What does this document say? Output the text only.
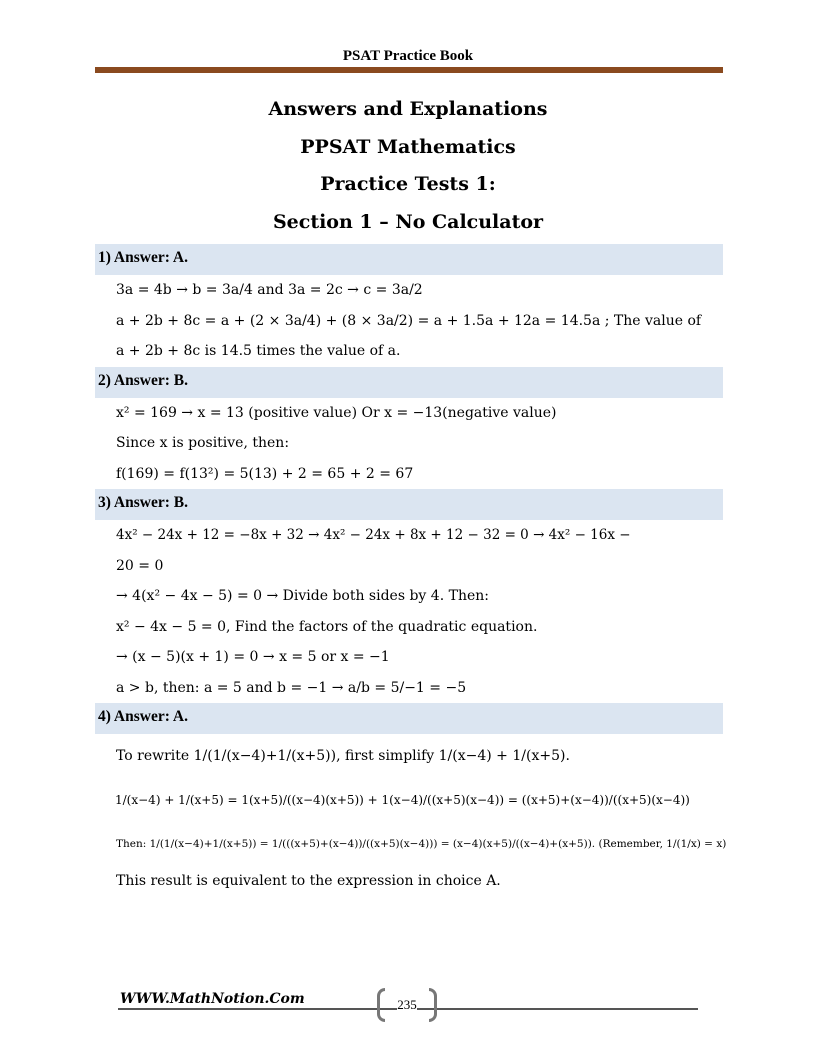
PSAT Practice Book
Answers and Explanations
PPSAT Mathematics
Practice Tests 1:
Section 1 – No Calculator
1) Answer: A.
3a = 4b → b = 3a/4 and 3a = 2c → c = 3a/2
a + 2b + 8c = a + (2 × 3a/4) + (8 × 3a/2) = a + 1.5a + 12a = 14.5a ; The value of
a + 2b + 8c is 14.5 times the value of a.
2) Answer: B.
x² = 169 → x = 13 (positive value) Or x = −13(negative value)
Since x is positive, then:
f(169) = f(13²) = 5(13) + 2 = 65 + 2 = 67
3) Answer: B.
4x² − 24x + 12 = −8x + 32 → 4x² − 24x + 8x + 12 − 32 = 0 → 4x² − 16x −
20 = 0
→ 4(x² − 4x − 5) = 0 → Divide both sides by 4. Then:
x² − 4x − 5 = 0, Find the factors of the quadratic equation.
→ (x − 5)(x + 1) = 0 → x = 5 or x = −1
a > b, then: a = 5 and b = −1 → a/b = 5/−1 = −5
4) Answer: A.
To rewrite 1/(1/(x−4)+1/(x+5)), first simplify 1/(x−4) + 1/(x+5).
1/(x−4) + 1/(x+5) = 1(x+5)/((x−4)(x+5)) + 1(x−4)/((x+5)(x−4)) = ((x+5)+(x−4))/((x+5)(x−4))
Then: 1/(1/(x−4)+1/(x+5)) = 1/(((x+5)+(x−4))/((x+5)(x−4))) = (x−4)(x+5)/((x−4)+(x+5)). (Remember, 1/(1/x) = x)
This result is equivalent to the expression in choice A.
WWW.MathNotion.Com	235
